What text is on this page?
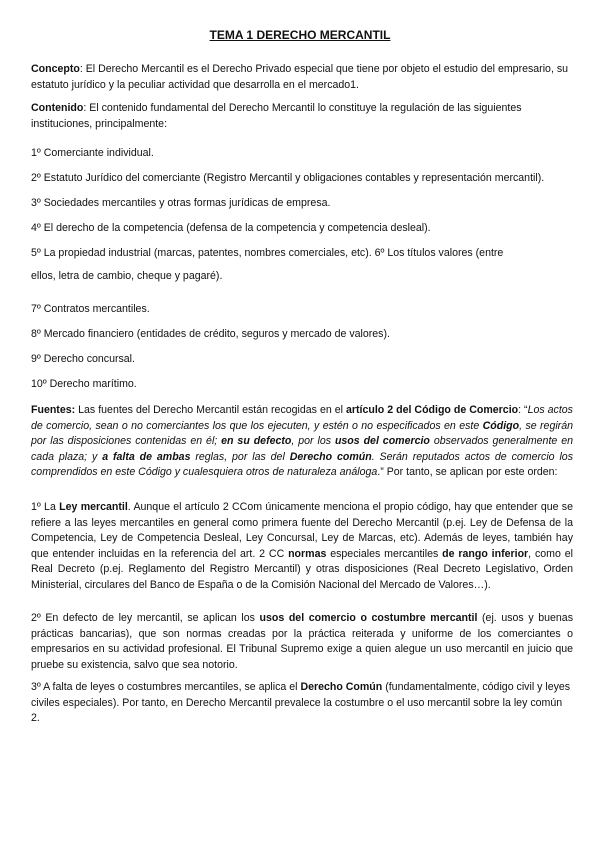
TEMA 1 DERECHO MERCANTIL
Concepto: El Derecho Mercantil es el Derecho Privado especial que tiene por objeto el estudio del empresario, su estatuto jurídico y la peculiar actividad que desarrolla en el mercado1.
Contenido: El contenido fundamental del Derecho Mercantil lo constituye la regulación de las siguientes instituciones, principalmente:
1º Comerciante individual.
2º Estatuto Jurídico del comerciante (Registro Mercantil y obligaciones contables y representación mercantil).
3º Sociedades mercantiles y otras formas jurídicas de empresa.
4º El derecho de la competencia (defensa de la competencia y competencia desleal).
5º La propiedad industrial (marcas, patentes, nombres comerciales, etc). 6º Los títulos valores (entre
ellos, letra de cambio, cheque y pagaré).
7º Contratos mercantiles.
8º Mercado financiero (entidades de crédito, seguros y mercado de valores).
9º Derecho concursal.
10º Derecho marítimo.
Fuentes: Las fuentes del Derecho Mercantil están recogidas en el artículo 2 del Código de Comercio: “Los actos de comercio, sean o no comerciantes los que los ejecuten, y estén o no especificados en este Código, se regirán por las disposiciones contenidas en él; en su defecto, por los usos del comercio observados generalmente en cada plaza; y a falta de ambas reglas, por las del Derecho común. Serán reputados actos de comercio los comprendidos en este Código y cualesquiera otros de naturaleza análoga.” Por tanto, se aplican por este orden:
1º La Ley mercantil. Aunque el artículo 2 CCom únicamente menciona el propio código, hay que entender que se refiere a las leyes mercantiles en general como primera fuente del Derecho Mercantil (p.ej. Ley de Defensa de la Competencia, Ley de Competencia Desleal, Ley Concursal, Ley de Marcas, etc). Además de leyes, también hay que entender incluidas en la referencia del art. 2 CC normas especiales mercantiles de rango inferior, como el Real Decreto (p.ej. Reglamento del Registro Mercantil) y otras disposiciones (Real Decreto Legislativo, Orden Ministerial, circulares del Banco de España o de la Comisión Nacional del Mercado de Valores…).
2º En defecto de ley mercantil, se aplican los usos del comercio o costumbre mercantil (ej. usos y buenas prácticas bancarias), que son normas creadas por la práctica reiterada y uniforme de los comerciantes o empresarios en su actividad profesional. El Tribunal Supremo exige a quien alegue un uso mercantil en juicio que pruebe su existencia, salvo que sea notorio.
3º A falta de leyes o costumbres mercantiles, se aplica el Derecho Común (fundamentalmente, código civil y leyes civiles especiales). Por tanto, en Derecho Mercantil prevalece la costumbre o el uso mercantil sobre la ley común 2.
